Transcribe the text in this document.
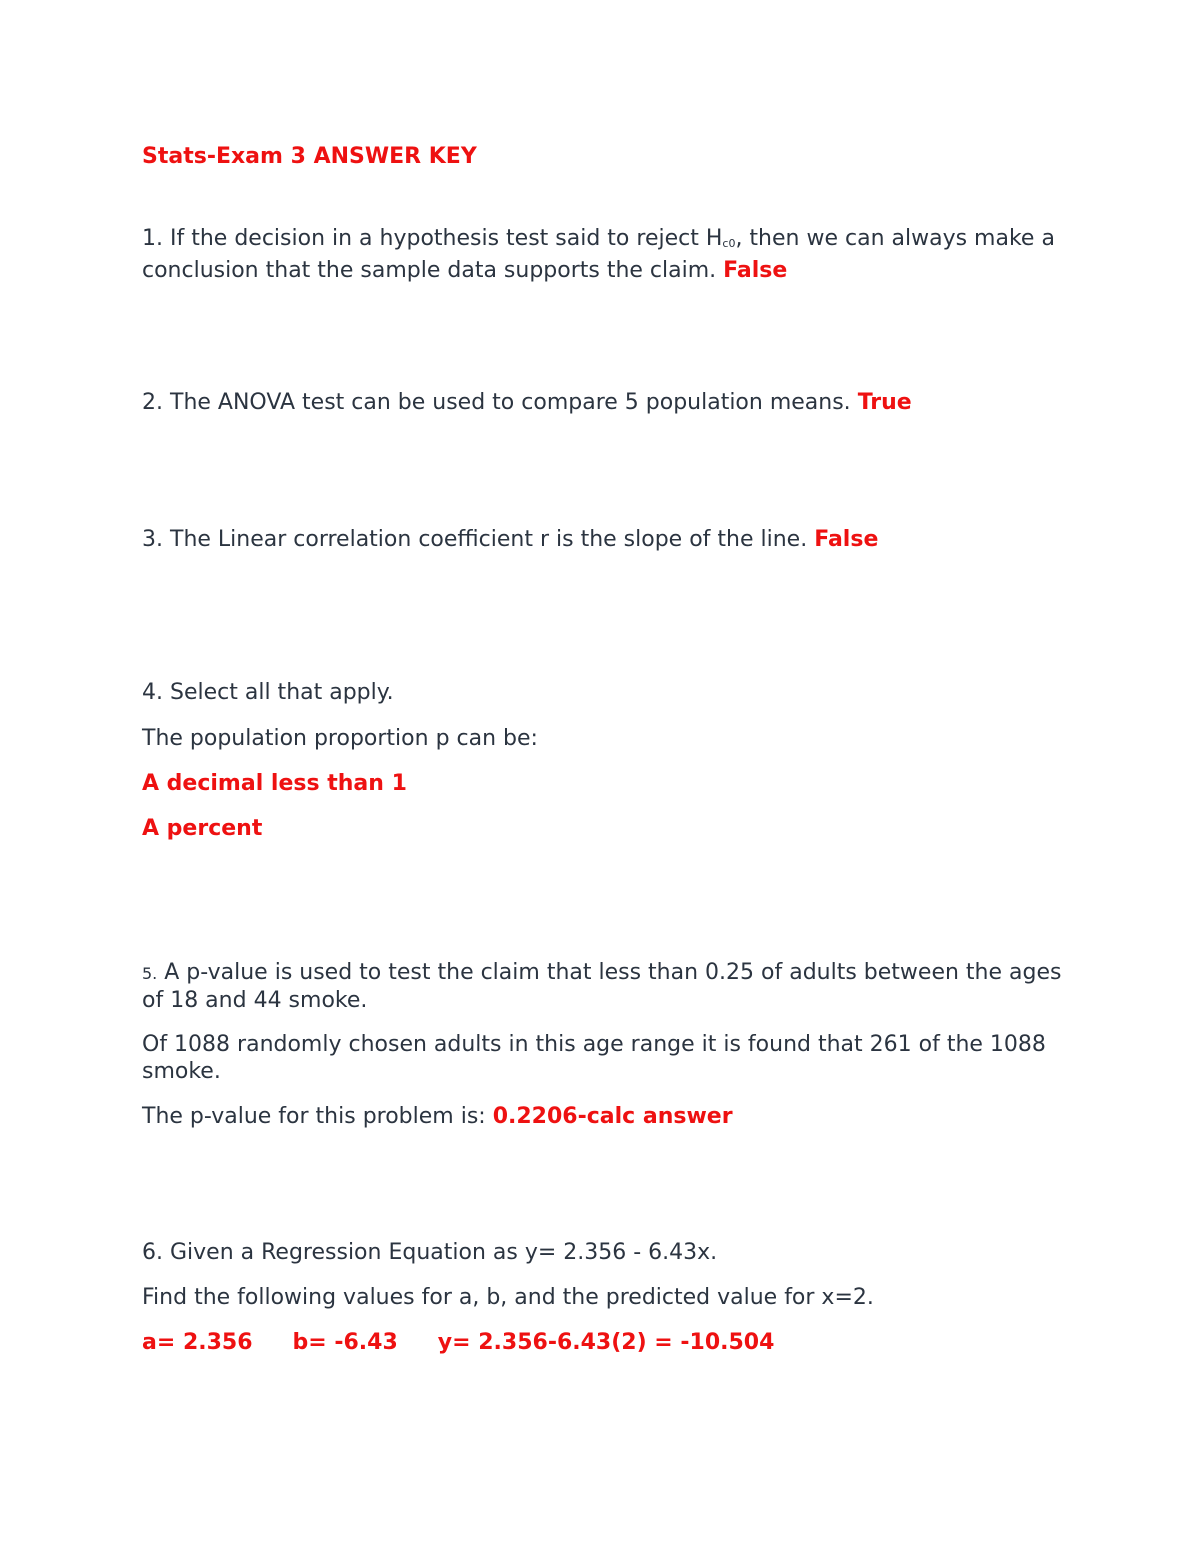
Stats-Exam 3 ANSWER KEY

1. If the decision in a hypothesis test said to reject Hc0, then we can always make a conclusion that the sample data supports the claim. False

2. The ANOVA test can be used to compare 5 population means. True

3. The Linear correlation coefficient r is the slope of the line. False

4. Select all that apply.

The population proportion p can be:

A decimal less than 1

A percent

5. A p-value is used to test the claim that less than 0.25 of adults between the ages of 18 and 44 smoke.

Of 1088 randomly chosen adults in this age range it is found that 261 of the 1088 smoke.

The p-value for this problem is: 0.2206-calc answer

6. Given a Regression Equation as y= 2.356 - 6.43x.

Find the following values for a, b, and the predicted value for x=2.

a= 2.356 b= -6.43 y= 2.356-6.43(2) = -10.504
